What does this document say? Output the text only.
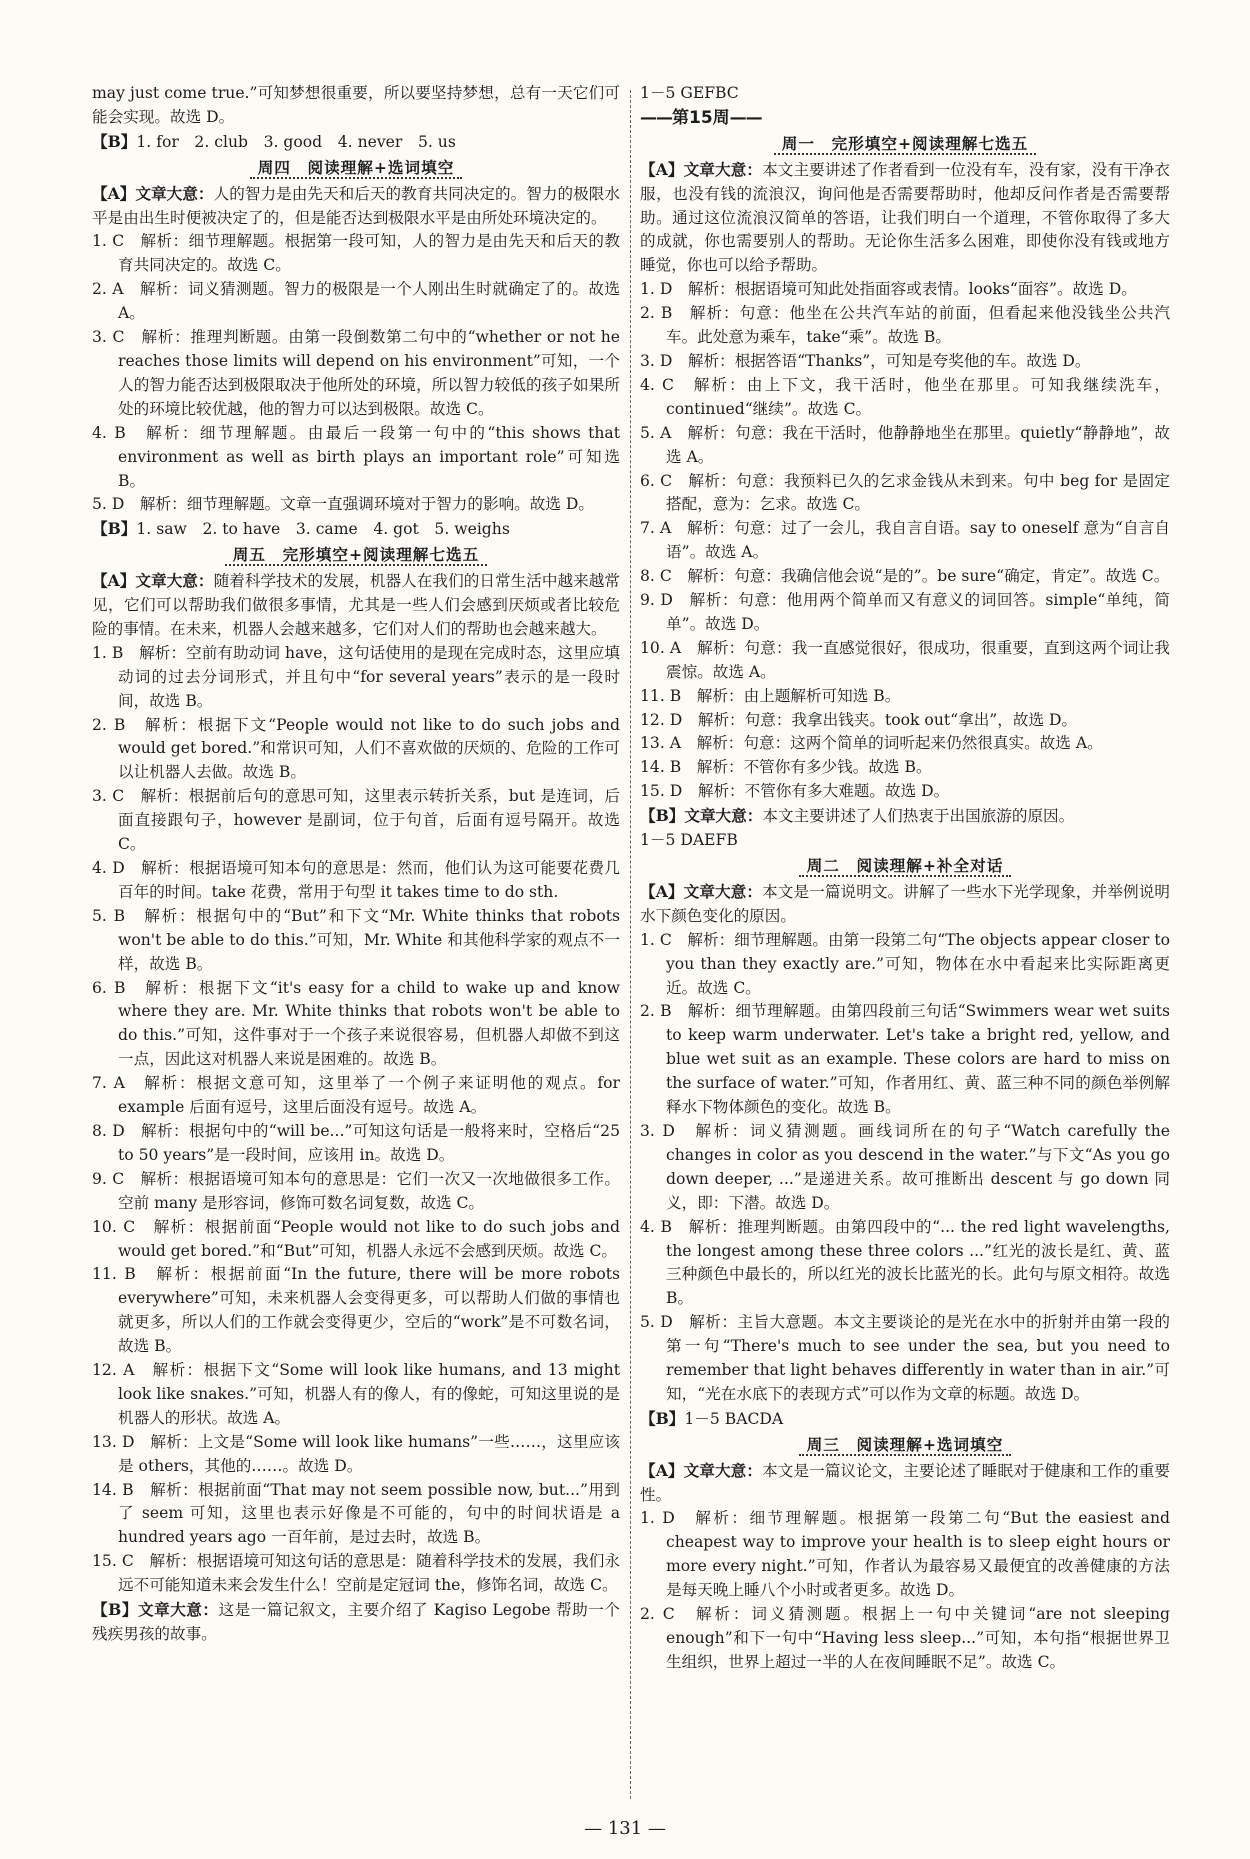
may just come true.”可知梦想很重要，所以要坚持梦想，总有一天它们可能会实现。故选 D。
【B】1. for　2. club　3. good　4. never　5. us
周四　阅读理解+选词填空
【A】文章大意：人的智力是由先天和后天的教育共同决定的。智力的极限水平是由出生时便被决定了的，但是能否达到极限水平是由所处环境决定的。
1. C　解析：细节理解题。根据第一段可知，人的智力是由先天和后天的教育共同决定的。故选 C。
2. A　解析：词义猜测题。智力的极限是一个人刚出生时就确定了的。故选 A。
3. C　解析：推理判断题。由第一段倒数第二句中的“whether or not he reaches those limits will depend on his environment”可知，一个人的智力能否达到极限取决于他所处的环境，所以智力较低的孩子如果所处的环境比较优越，他的智力可以达到极限。故选 C。
4. B　解析：细节理解题。由最后一段第一句中的“this shows that environment as well as birth plays an important role”可知选 B。
5. D　解析：细节理解题。文章一直强调环境对于智力的影响。故选 D。
【B】1. saw　2. to have　3. came　4. got　5. weighs
周五　完形填空+阅读理解七选五
【A】文章大意：随着科学技术的发展，机器人在我们的日常生活中越来越常见，它们可以帮助我们做很多事情，尤其是一些人们会感到厌烦或者比较危险的事情。在未来，机器人会越来越多，它们对人们的帮助也会越来越大。
1. B　解析：空前有助动词 have，这句话使用的是现在完成时态，这里应填动词的过去分词形式，并且句中“for several years”表示的是一段时间，故选 B。
2. B　解析：根据下文“People would not like to do such jobs and would get bored.”和常识可知，人们不喜欢做的厌烦的、危险的工作可以让机器人去做。故选 B。
3. C　解析：根据前后句的意思可知，这里表示转折关系，but 是连词，后面直接跟句子，however 是副词，位于句首，后面有逗号隔开。故选 C。
4. D　解析：根据语境可知本句的意思是：然而，他们认为这可能要花费几百年的时间。take 花费，常用于句型 it takes time to do sth.
5. B　解析：根据句中的“But”和下文“Mr. White thinks that robots won't be able to do this.”可知，Mr. White 和其他科学家的观点不一样，故选 B。
6. B　解析：根据下文“it's easy for a child to wake up and know where they are. Mr. White thinks that robots won't be able to do this.”可知，这件事对于一个孩子来说很容易，但机器人却做不到这一点，因此这对机器人来说是困难的。故选 B。
7. A　解析：根据文意可知，这里举了一个例子来证明他的观点。for example 后面有逗号，这里后面没有逗号。故选 A。
8. D　解析：根据句中的“will be...”可知这句话是一般将来时，空格后“25 to 50 years”是一段时间，应该用 in。故选 D。
9. C　解析：根据语境可知本句的意思是：它们一次又一次地做很多工作。空前 many 是形容词，修饰可数名词复数，故选 C。
10. C　解析：根据前面“People would not like to do such jobs and would get bored.”和“But”可知，机器人永远不会感到厌烦。故选 C。
11. B　解析：根据前面“In the future, there will be more robots everywhere”可知，未来机器人会变得更多，可以帮助人们做的事情也就更多，所以人们的工作就会变得更少，空后的“work”是不可数名词，故选 B。
12. A　解析：根据下文“Some will look like humans, and 13 might look like snakes.”可知，机器人有的像人，有的像蛇，可知这里说的是机器人的形状。故选 A。
13. D　解析：上文是“Some will look like humans”一些……，这里应该是 others，其他的……。故选 D。
14. B　解析：根据前面“That may not seem possible now, but...”用到了 seem 可知，这里也表示好像是不可能的，句中的时间状语是 a hundred years ago 一百年前，是过去时，故选 B。
15. C　解析：根据语境可知这句话的意思是：随着科学技术的发展，我们永远不可能知道未来会发生什么！空前是定冠词 the，修饰名词，故选 C。
【B】文章大意：这是一篇记叙文，主要介绍了 Kagiso Legobe 帮助一个残疾男孩的故事。
1－5 GEFBC
——第15周——
周一　完形填空+阅读理解七选五
【A】文章大意：本文主要讲述了作者看到一位没有车，没有家，没有干净衣服，也没有钱的流浪汉，询问他是否需要帮助时，他却反问作者是否需要帮助。通过这位流浪汉简单的答语，让我们明白一个道理，不管你取得了多大的成就，你也需要别人的帮助。无论你生活多么困难，即使你没有钱或地方睡觉，你也可以给予帮助。
1. D　解析：根据语境可知此处指面容或表情。looks“面容”。故选 D。
2. B　解析：句意：他坐在公共汽车站的前面，但看起来他没钱坐公共汽车。此处意为乘车，take“乘”。故选 B。
3. D　解析：根据答语“Thanks”，可知是夸奖他的车。故选 D。
4. C　解析：由上下文，我干活时，他坐在那里。可知我继续洗车，continued“继续”。故选 C。
5. A　解析：句意：我在干活时，他静静地坐在那里。quietly“静静地”，故选 A。
6. C　解析：句意：我预料已久的乞求金钱从未到来。句中 beg for 是固定搭配，意为：乞求。故选 C。
7. A　解析：句意：过了一会儿，我自言自语。say to oneself 意为“自言自语”。故选 A。
8. C　解析：句意：我确信他会说“是的”。be sure“确定，肯定”。故选 C。
9. D　解析：句意：他用两个简单而又有意义的词回答。simple“单纯，简单”。故选 D。
10. A　解析：句意：我一直感觉很好，很成功，很重要，直到这两个词让我震惊。故选 A。
11. B　解析：由上题解析可知选 B。
12. D　解析：句意：我拿出钱夹。took out“拿出”，故选 D。
13. A　解析：句意：这两个简单的词听起来仍然很真实。故选 A。
14. B　解析：不管你有多少钱。故选 B。
15. D　解析：不管你有多大难题。故选 D。
【B】文章大意：本文主要讲述了人们热衷于出国旅游的原因。
1－5 DAEFB
周二　阅读理解+补全对话
【A】文章大意：本文是一篇说明文。讲解了一些水下光学现象，并举例说明水下颜色变化的原因。
1. C　解析：细节理解题。由第一段第二句“The objects appear closer to you than they exactly are.”可知，物体在水中看起来比实际距离更近。故选 C。
2. B　解析：细节理解题。由第四段前三句话“Swimmers wear wet suits to keep warm underwater. Let's take a bright red, yellow, and blue wet suit as an example. These colors are hard to miss on the surface of water.”可知，作者用红、黄、蓝三种不同的颜色举例解释水下物体颜色的变化。故选 B。
3. D　解析：词义猜测题。画线词所在的句子“Watch carefully the changes in color as you descend in the water.”与下文“As you go down deeper, ...”是递进关系。故可推断出 descent 与 go down 同义，即：下潜。故选 D。
4. B　解析：推理判断题。由第四段中的“... the red light wavelengths, the longest among these three colors ...”红光的波长是红、黄、蓝三种颜色中最长的，所以红光的波长比蓝光的长。此句与原文相符。故选 B。
5. D　解析：主旨大意题。本文主要谈论的是光在水中的折射并由第一段的第一句“There's much to see under the sea, but you need to remember that light behaves differently in water than in air.”可知，“光在水底下的表现方式”可以作为文章的标题。故选 D。
【B】1－5 BACDA
周三　阅读理解+选词填空
【A】文章大意：本文是一篇议论文，主要论述了睡眠对于健康和工作的重要性。
1. D　解析：细节理解题。根据第一段第二句“But the easiest and cheapest way to improve your health is to sleep eight hours or more every night.”可知，作者认为最容易又最便宜的改善健康的方法是每天晚上睡八个小时或者更多。故选 D。
2. C　解析：词义猜测题。根据上一句中关键词“are not sleeping enough”和下一句中“Having less sleep...”可知，本句指“根据世界卫生组织，世界上超过一半的人在夜间睡眠不足”。故选 C。
— 131 —
